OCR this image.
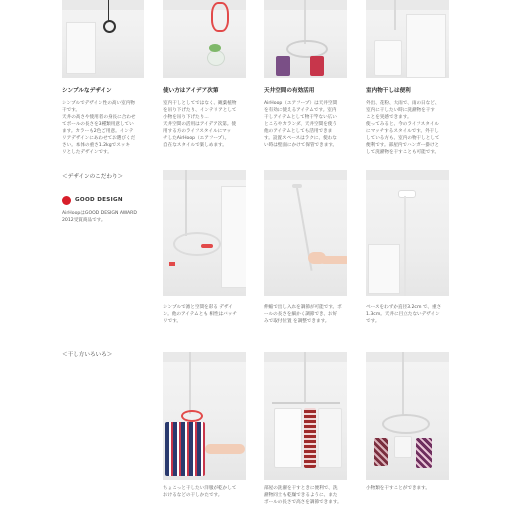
シンプルなデザイン
シンプルでデザイン性の高い室内物
干です。
天井の高さや使用者の身長に合わせ
てポールの長さを3種類用意してい
ます。カラーも2色ご用意。インテ
リアデザインにあわせてお選びくだ
さい。本体の重さ1.2kgでスッキ
リとしたデザインです。
使い方はアイデア次第
室内干しとしてではなく、観葉植物
を吊り下げたり、インテリアとして
小物を吊り下げたり...
天井空間の活用はアイデア次第。使
用する方のライフスタイルにマッ
チしたAirHoop（エアフープ）。
自在なスタイルで楽しめます。
天井空間の有効活用
AirHoop（エアフープ）は天井空間
を有効に使えるアイテムです。室内
干しアイテムとして物干竿ない広い
ところやカランダ、天井空間を使う
他のアイテムとしても活用できま
す。設置スペースはラクに、使わな
い時は壁面にかけて保管できます。
室内物干しは便利
外出、花粉、大雨で、雨の日など、
室内に干したい時に洗濯物を干す
ことを実感できます。
使ってみると、今のライフスタイル
にマッチするスタイルです。外干し
している方も、室内の物干しとして
便利です。部屋内でハンガー掛けと
して洗濯物を干すことも可能です。
＜デザインのこだわり＞
GOOD DESIGN
AirHoopはGOOD DESIGN AWARD
2012受賞商品です。
シンプルで凛と空間を彩る デザイ
ン。他のアイテムとも 相性はバッチ
リです。
伸縮で出し入れを調節が可能です。ポ
ールの長さを細かく調節でき、お好
みで取付位置 を調整できます。
ベースをわずか直径3.2cm で、重さ
1.3cm。天井に目立たないデザイン
です。
＜干し方いろいろ＞
ちょこっと干したい洋服が乾かして
おけるなどの干しかたです。
部屋の洗濯を干すときに便利で、洗
濯物同士も乾燥できるように、また
ポールの長さで高さを調節できます。
小物類を干すことができます。
